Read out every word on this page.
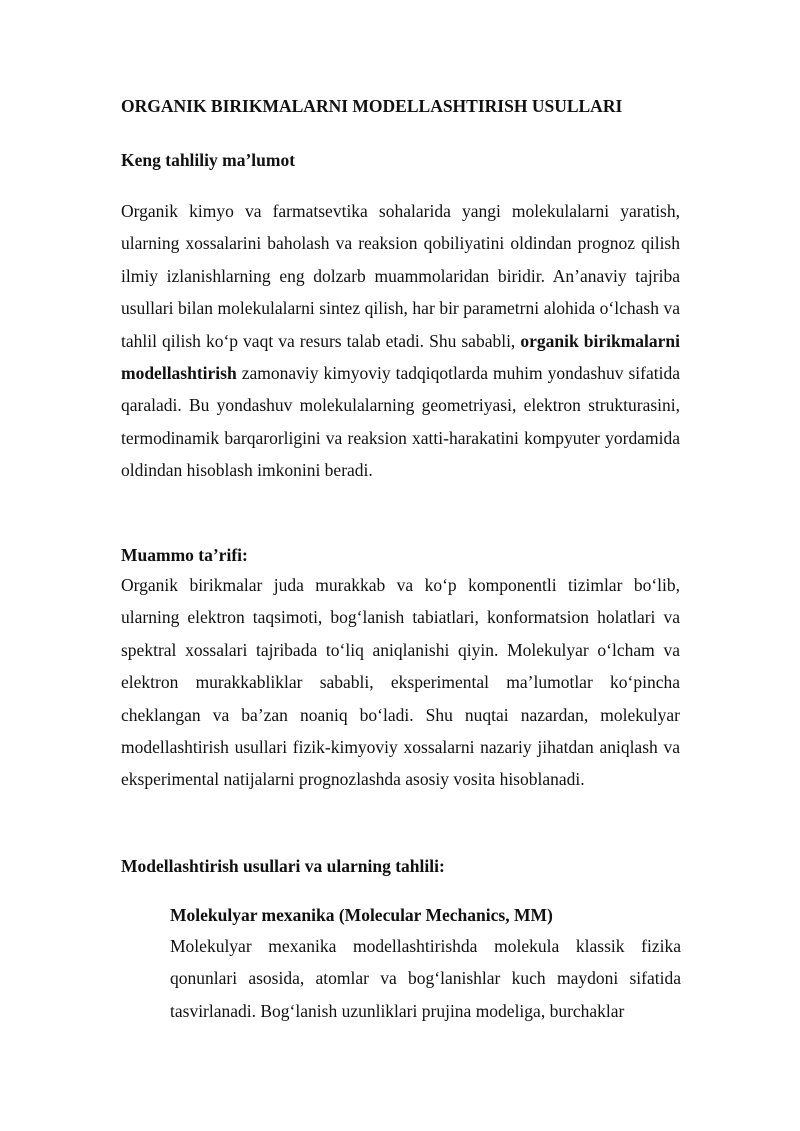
ORGANIK BIRIKMALARNI MODELLASHTIRISH USULLARI
Keng tahliliy ma’lumot
Organik kimyo va farmatsevtika sohalarida yangi molekulalarni yaratish, ularning xossalarini baholash va reaksion qobiliyatini oldindan prognoz qilish ilmiy izlanishlarning eng dolzarb muammolaridan biridir. An’anaviy tajriba usullari bilan molekulalarni sintez qilish, har bir parametrni alohida o‘lchash va tahlil qilish ko‘p vaqt va resurs talab etadi. Shu sababli, organik birikmalarni modellashtirish zamonaviy kimyoviy tadqiqotlarda muhim yondashuv sifatida qaraladi. Bu yondashuv molekulalarning geometriyasi, elektron strukturasini, termodinamik barqarorligini va reaksion xatti-harakatini kompyuter yordamida oldindan hisoblash imkonini beradi.
Muammo ta’rifi:
Organik birikmalar juda murakkab va ko‘p komponentli tizimlar bo‘lib, ularning elektron taqsimoti, bog‘lanish tabiatlari, konformatsion holatlari va spektral xossalari tajribada to‘liq aniqlanishi qiyin. Molekulyar o‘lcham va elektron murakkabliklar sababli, eksperimental ma’lumotlar ko‘pincha cheklangan va ba’zan noaniq bo‘ladi. Shu nuqtai nazardan, molekulyar modellashtirish usullari fizik-kimyoviy xossalarni nazariy jihatdan aniqlash va eksperimental natijalarni prognozlashda asosiy vosita hisoblanadi.
Modellashtirish usullari va ularning tahlili:
Molekulyar mexanika (Molecular Mechanics, MM)
Molekulyar mexanika modellashtirishda molekula klassik fizika qonunlari asosida, atomlar va bog‘lanishlar kuch maydoni sifatida tasvirlanadi. Bog‘lanish uzunliklari prujina modeliga, burchaklar
